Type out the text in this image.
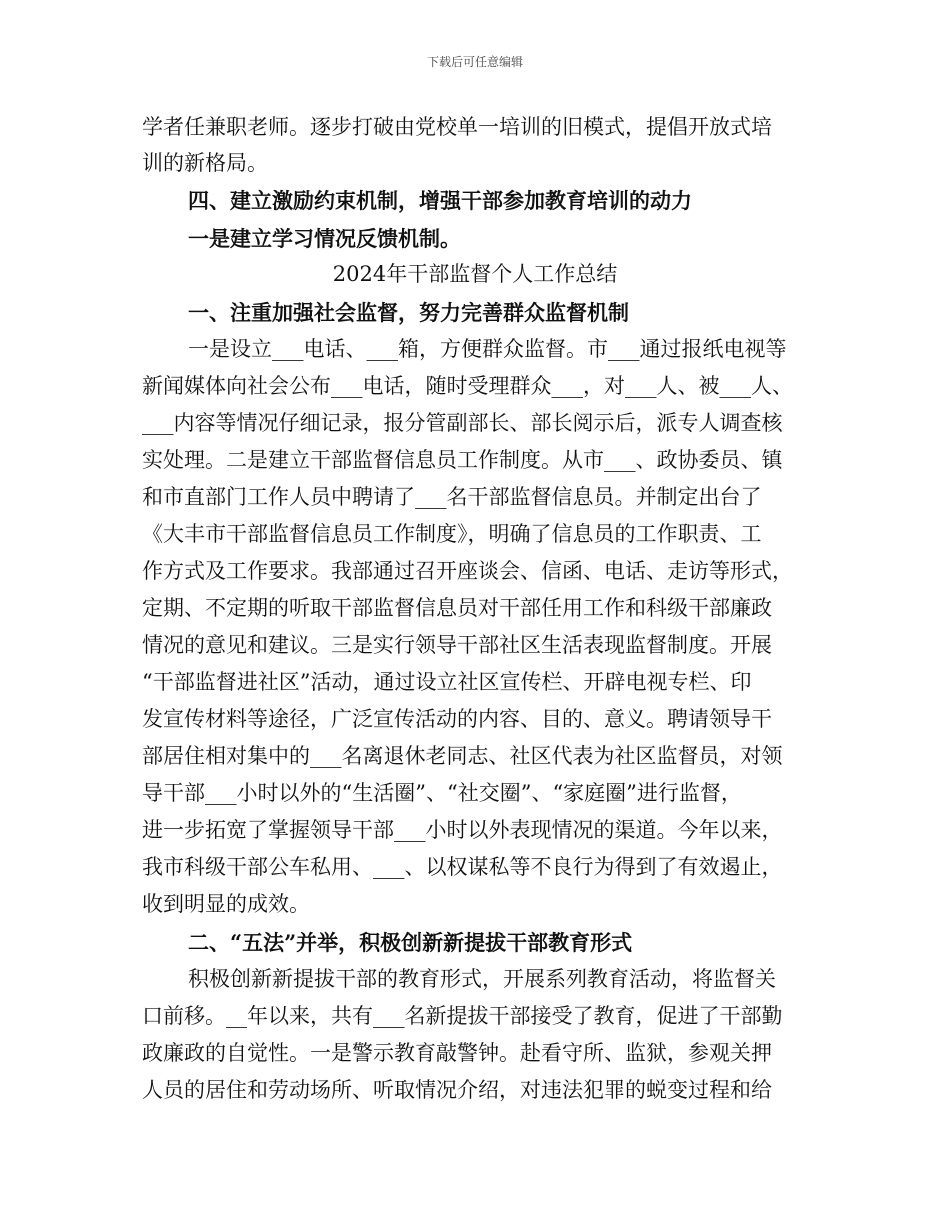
下载后可任意编辑
学者任兼职老师。逐步打破由党校单一培训的旧模式，提倡开放式培
训的新格局。
四、建立激励约束机制，增强干部参加教育培训的动力
一是建立学习情况反馈机制。
2024年干部监督个人工作总结
一、注重加强社会监督，努力完善群众监督机制
一是设立___电话、___箱，方便群众监督。市___通过报纸电视等
新闻媒体向社会公布___电话，随时受理群众___，对___人、被___人、
___内容等情况仔细记录，报分管副部长、部长阅示后，派专人调查核
实处理。二是建立干部监督信息员工作制度。从市___、政协委员、镇
和市直部门工作人员中聘请了___名干部监督信息员。并制定出台了
《大丰市干部监督信息员工作制度》，明确了信息员的工作职责、工
作方式及工作要求。我部通过召开座谈会、信函、电话、走访等形式，
定期、不定期的听取干部监督信息员对干部任用工作和科级干部廉政
情况的意见和建议。三是实行领导干部社区生活表现监督制度。开展
“干部监督进社区”活动，通过设立社区宣传栏、开辟电视专栏、印
发宣传材料等途径，广泛宣传活动的内容、目的、意义。聘请领导干
部居住相对集中的___名离退休老同志、社区代表为社区监督员，对领
导干部___小时以外的“生活圈”、“社交圈”、“家庭圈”进行监督，
进一步拓宽了掌握领导干部___小时以外表现情况的渠道。今年以来，
我市科级干部公车私用、___、以权谋私等不良行为得到了有效遏止，
收到明显的成效。
二、“五法”并举，积极创新新提拔干部教育形式
积极创新新提拔干部的教育形式，开展系列教育活动，将监督关
口前移。__年以来，共有___名新提拔干部接受了教育，促进了干部勤
政廉政的自觉性。一是警示教育敲警钟。赴看守所、监狱，参观关押
人员的居住和劳动场所、听取情况介绍，对违法犯罪的蜕变过程和给
